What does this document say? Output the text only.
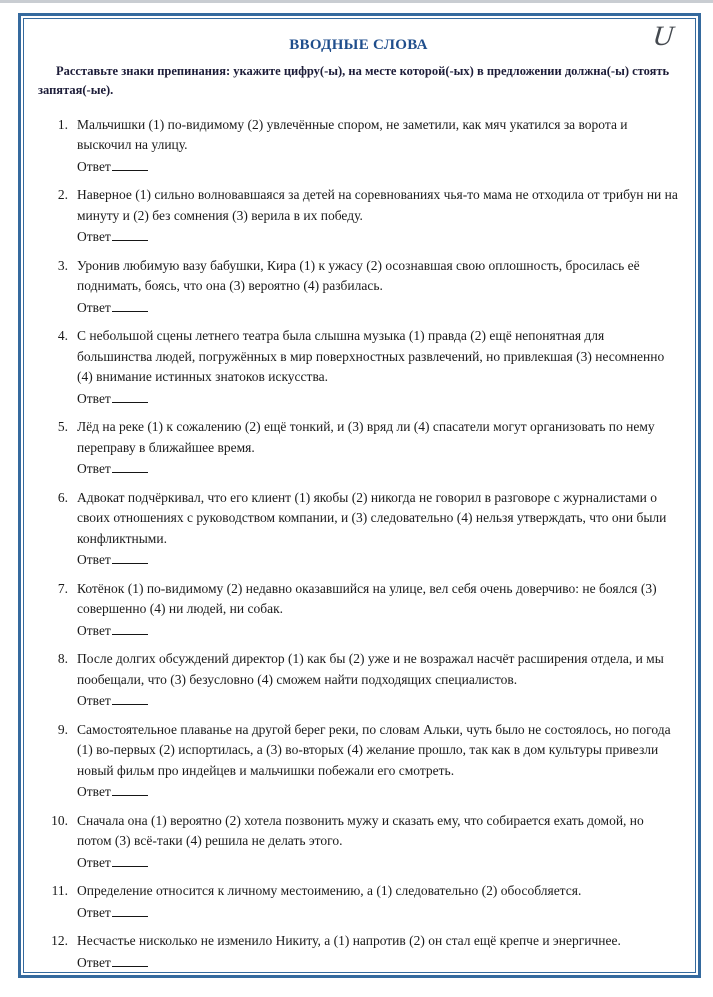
U
ВВОДНЫЕ СЛОВА

Расставьте знаки препинания: укажите цифру(-ы), на месте которой(-ых) в предложении должна(-ы) стоять запятая(-ые).

1. Мальчишки (1) по-видимому (2) увлечённые спором, не заметили, как мяч укатился за ворота и выскочил на улицу.
Ответ
2. Наверное (1) сильно волновавшаяся за детей на соревнованиях чья-то мама не отходила от трибун ни на минуту и (2) без сомнения (3) верила в их победу.
Ответ
3. Уронив любимую вазу бабушки, Кира (1) к ужасу (2) осознавшая свою оплошность, бросилась её поднимать, боясь, что она (3) вероятно (4) разбилась.
Ответ
4. С небольшой сцены летнего театра была слышна музыка (1) правда (2) ещё непонятная для большинства людей, погружённых в мир поверхностных развлечений, но привлекшая (3) несомненно (4) внимание истинных знатоков искусства.
Ответ
5. Лёд на реке (1) к сожалению (2) ещё тонкий, и (3) вряд ли (4) спасатели могут организовать по нему переправу в ближайшее время.
Ответ
6. Адвокат подчёркивал, что его клиент (1) якобы (2) никогда не говорил в разговоре с журналистами о своих отношениях с руководством компании, и (3) следовательно (4) нельзя утверждать, что они были конфликтными.
Ответ
7. Котёнок (1) по-видимому (2) недавно оказавшийся на улице, вел себя очень доверчиво: не боялся (3) совершенно (4) ни людей, ни собак.
Ответ
8. После долгих обсуждений директор (1) как бы (2) уже и не возражал насчёт расширения отдела, и мы пообещали, что (3) безусловно (4) сможем найти подходящих специалистов.
Ответ
9. Самостоятельное плаванье на другой берег реки, по словам Альки, чуть было не состоялось, но погода (1) во-первых (2) испортилась, а (3) во-вторых (4) желание прошло, так как в дом культуры привезли новый фильм про индейцев и мальчишки побежали его смотреть.
Ответ
10. Сначала она (1) вероятно (2) хотела позвонить мужу и сказать ему, что собирается ехать домой, но потом (3) всё-таки (4) решила не делать этого.
Ответ
11. Определение относится к личному местоимению, а (1) следовательно (2) обособляется.
Ответ
12. Несчастье нисколько не изменило Никиту, а (1) напротив (2) он стал ещё крепче и энергичнее.
Ответ
